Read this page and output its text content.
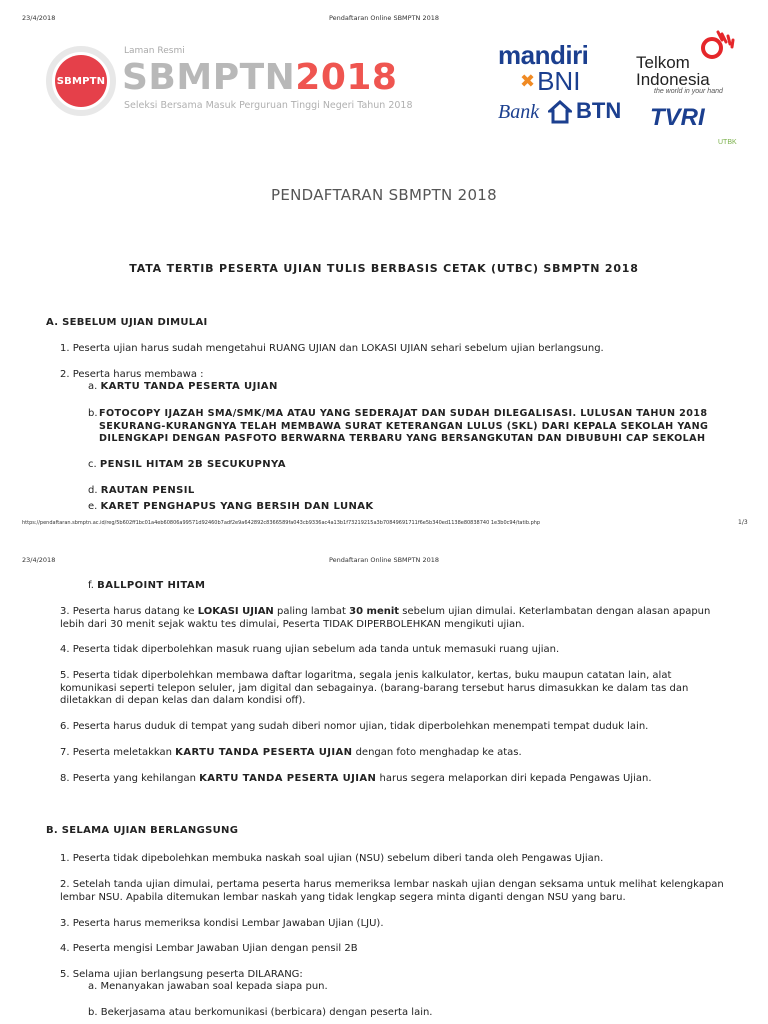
23/4/2018	Pendaftaran Online SBMPTN 2018
SBMPTN
Laman Resmi
SBMPTN2018
Seleksi Bersama Masuk Perguruan Tinggi Negeri Tahun 2018
mandiri
✖BNI
Bank BTN
Telkom
Indonesia
the world in your hand
TVRI
UTBK
PENDAFTARAN SBMPTN 2018
TATA TERTIB PESERTA UJIAN TULIS BERBASIS CETAK (UTBC) SBMPTN 2018
A. SEBELUM UJIAN DIMULAI
1. Peserta ujian harus sudah mengetahui RUANG UJIAN dan LOKASI UJIAN sehari sebelum ujian berlangsung.
2. Peserta harus membawa :
a. KARTU TANDA PESERTA UJIAN
b. FOTOCOPY IJAZAH SMA/SMK/MA ATAU YANG SEDERAJAT DAN SUDAH DILEGALISASI. LULUSAN TAHUN 2018 SEKURANG-KURANGNYA TELAH MEMBAWA SURAT KETERANGAN LULUS (SKL) DARI KEPALA SEKOLAH YANG DILENGKAPI DENGAN PASFOTO BERWARNA TERBARU YANG BERSANGKUTAN DAN DIBUBUHI CAP SEKOLAH
c. PENSIL HITAM 2B SECUKUPNYA
d. RAUTAN PENSIL
e. KARET PENGHAPUS YANG BERSIH DAN LUNAK
https://pendaftaran.sbmptn.ac.id/reg/5b602ff1bc01a4eb60806a99571d92460b7adf2e9a642892c8366589fa043cb9336ac4a13b1f73219215a3b70849691711f6e5b340ed1138e80838740 1e3b0c94/tatib.php	1/3
23/4/2018	Pendaftaran Online SBMPTN 2018
f. BALLPOINT HITAM
3. Peserta harus datang ke LOKASI UJIAN paling lambat 30 menit sebelum ujian dimulai. Keterlambatan dengan alasan apapun lebih dari 30 menit sejak waktu tes dimulai, Peserta TIDAK DIPERBOLEHKAN mengikuti ujian.
4. Peserta tidak diperbolehkan masuk ruang ujian sebelum ada tanda untuk memasuki ruang ujian.
5. Peserta tidak diperbolehkan membawa daftar logaritma, segala jenis kalkulator, kertas, buku maupun catatan lain, alat komunikasi seperti telepon seluler, jam digital dan sebagainya. (barang-barang tersebut harus dimasukkan ke dalam tas dan diletakkan di depan kelas dan dalam kondisi off).
6. Peserta harus duduk di tempat yang sudah diberi nomor ujian, tidak diperbolehkan menempati tempat duduk lain.
7. Peserta meletakkan KARTU TANDA PESERTA UJIAN dengan foto menghadap ke atas.
8. Peserta yang kehilangan KARTU TANDA PESERTA UJIAN harus segera melaporkan diri kepada Pengawas Ujian.
B. SELAMA UJIAN BERLANGSUNG
1. Peserta tidak dipebolehkan membuka naskah soal ujian (NSU) sebelum diberi tanda oleh Pengawas Ujian.
2. Setelah tanda ujian dimulai, pertama peserta harus memeriksa lembar naskah ujian dengan seksama untuk melihat kelengkapan lembar NSU. Apabila ditemukan lembar naskah yang tidak lengkap segera minta diganti dengan NSU yang baru.
3. Peserta harus memeriksa kondisi Lembar Jawaban Ujian (LJU).
4. Peserta mengisi Lembar Jawaban Ujian dengan pensil 2B
5. Selama ujian berlangsung peserta DILARANG:
a. Menanyakan jawaban soal kepada siapa pun.
b. Bekerjasama atau berkomunikasi (berbicara) dengan peserta lain.
